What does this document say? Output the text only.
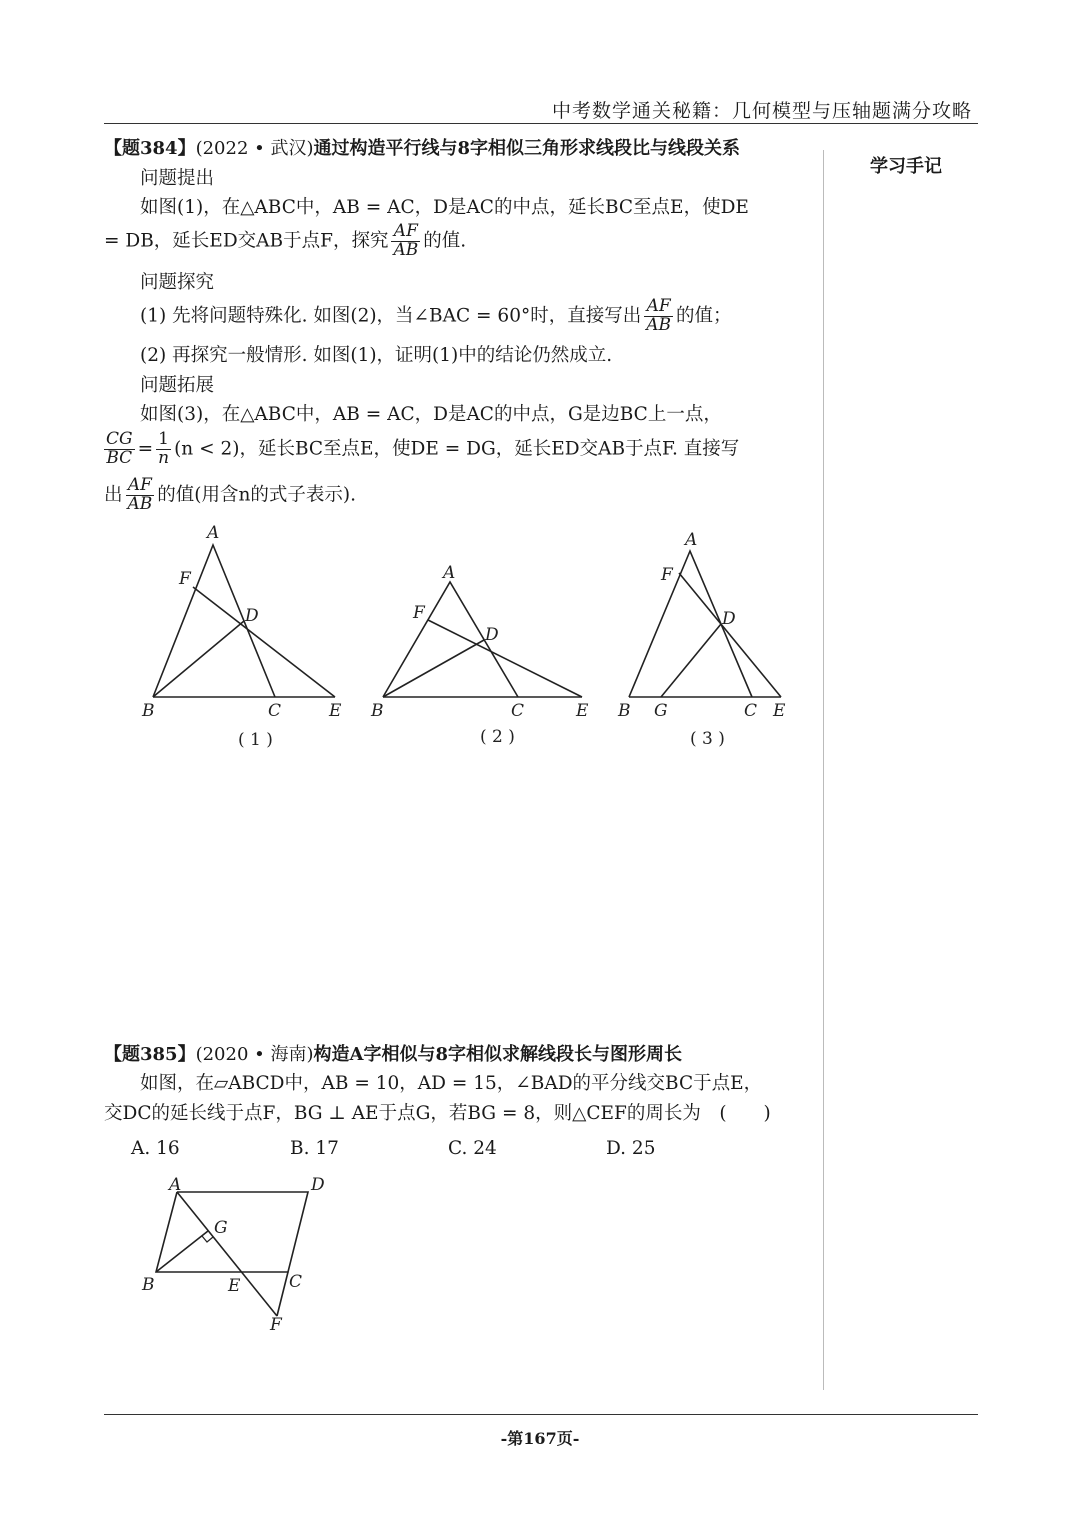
中考数学通关秘籍：几何模型与压轴题满分攻略
学习手记
【题384】(2022 • 武汉)通过构造平行线与8字相似三角形求线段比与线段关系
问题提出
如图(1)，在△ABC中，AB = AC，D是AC的中点，延长BC至点E，使DE
= DB，延长ED交AB于点F，探究 $\frac{AF}{AB}$ 的值.
问题探究
(1) 先将问题特殊化. 如图(2)，当∠BAC = 60°时，直接写出 $\frac{AF}{AB}$ 的值；
(2) 再探究一般情形. 如图(1)，证明(1)中的结论仍然成立.
问题拓展
如图(3)，在△ABC中，AB = AC，D是AC的中点，G是边BC上一点，
$\frac{CG}{BC} = \frac{1}{n} (n < 2)$，延长BC至点E，使DE = DG，延长ED交AB于点F. 直接写
出 $\frac{AF}{AB}$ 的值(用含n的式子表示).
A
F
D
B	C	E
A
F
D
B	C	E
A
F
D
B G	C E
A	D
G
B	E	C
F
( 1 )	( 2 )	( 3 )
【题385】(2020 • 海南)构造A字相似与8字相似求解线段长与图形周长
如图，在▱ABCD中，AB = 10，AD = 15，∠BAD的平分线交BC于点E，
交DC的延长线于点F，BG ⊥ AE于点G，若BG = 8，则△CEF的周长为　(　　)
A. 16	B. 17	C. 24	D. 25
-第167页-
